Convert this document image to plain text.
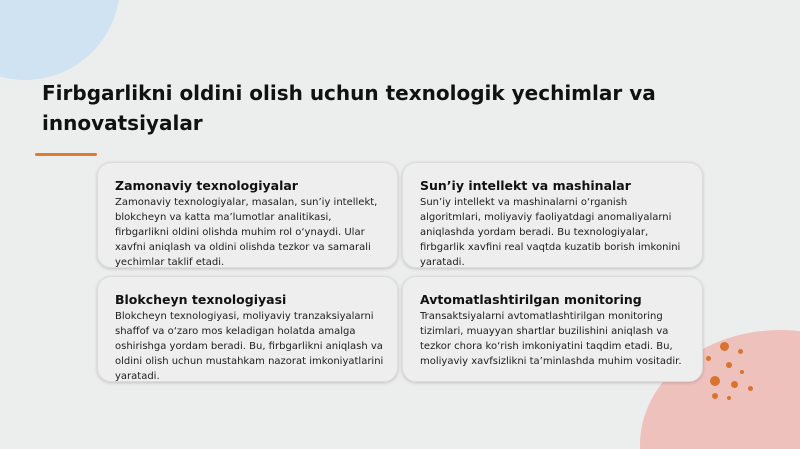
Firbgarlikni oldini olish uchun texnologik yechimlar va innovatsiyalar
Zamonaviy texnologiyalar

Zamonaviy texnologiyalar, masalan, sun’iy intellekt, blokcheyn va katta ma’lumotlar analitikasi, firbgarlikni oldini olishda muhim rol o‘ynaydi. Ular xavfni aniqlash va oldini olishda tezkor va samarali yechimlar taklif etadi.

Sun’iy intellekt va mashinalar

Sun’iy intellekt va mashinalarni o‘rganish algoritmlari, moliyaviy faoliyatdagi anomaliyalarni aniqlashda yordam beradi. Bu texnologiyalar, firbgarlik xavfini real vaqtda kuzatib borish imkonini yaratadi.

Blokcheyn texnologiyasi

Blokcheyn texnologiyasi, moliyaviy tranzaksiyalarni shaffof va o‘zaro mos keladigan holatda amalga oshirishga yordam beradi. Bu, firbgarlikni aniqlash va oldini olish uchun mustahkam nazorat imkoniyatlarini yaratadi.

Avtomatlashtirilgan monitoring

Transaktsiyalarni avtomatlashtirilgan monitoring tizimlari, muayyan shartlar buzilishini aniqlash va tezkor chora ko‘rish imkoniyatini taqdim etadi. Bu, moliyaviy xavfsizlikni ta’minlashda muhim vositadir.
